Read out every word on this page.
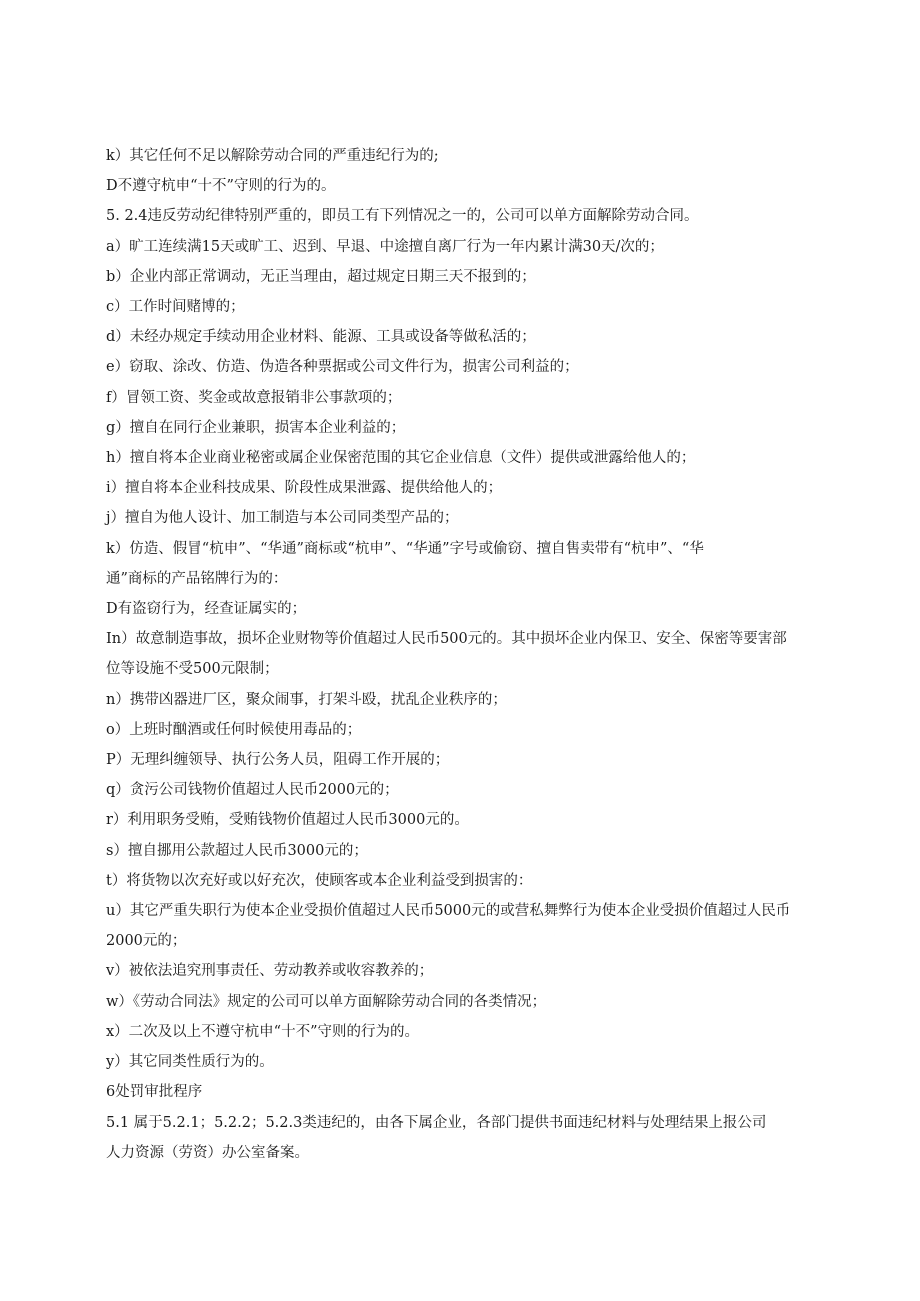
k）其它任何不足以解除劳动合同的严重违纪行为的;

D不遵守杭申“十不”守则的行为的。

5. 2.4违反劳动纪律特别严重的，即员工有下列情况之一的，公司可以单方面解除劳动合同。

a）旷工连续满15天或旷工、迟到、早退、中途擅自离厂行为一年内累计满30天/次的；

b）企业内部正常调动，无正当理由，超过规定日期三天不报到的；

c）工作时间赌博的；

d）未经办规定手续动用企业材料、能源、工具或设备等做私活的；

e）窃取、涂改、仿造、伪造各种票据或公司文件行为，损害公司利益的；

f）冒领工资、奖金或故意报销非公事款项的；

g）擅自在同行企业兼职，损害本企业利益的；

h）擅自将本企业商业秘密或属企业保密范围的其它企业信息（文件）提供或泄露给他人的；

i）擅自将本企业科技成果、阶段性成果泄露、提供给他人的；

j）擅自为他人设计、加工制造与本公司同类型产品的；

k）仿造、假冒“杭申”、“华通”商标或“杭申”、“华通”字号或偷窃、擅自售卖带有“杭申”、“华

通”商标的产品铭牌行为的：

D有盗窃行为，经查证属实的；

In）故意制造事故，损坏企业财物等价值超过人民币500元的。其中损坏企业内保卫、安全、保密等要害部

位等设施不受500元限制；

n）携带凶器进厂区，聚众闹事，打架斗殴，扰乱企业秩序的；

o）上班时酗酒或任何时候使用毒品的；

P）无理纠缠领导、执行公务人员，阻碍工作开展的；

q）贪污公司钱物价值超过人民币2000元的；

r）利用职务受贿，受贿钱物价值超过人民币3000元的。

s）擅自挪用公款超过人民币3000元的；

t）将货物以次充好或以好充次，使顾客或本企业利益受到损害的：

u）其它严重失职行为使本企业受损价值超过人民币5000元的或营私舞弊行为使本企业受损价值超过人民币

2000元的；

v）被依法追究刑事责任、劳动教养或收容教养的；

w）《劳动合同法》规定的公司可以单方面解除劳动合同的各类情况；

x）二次及以上不遵守杭申“十不”守则的行为的。

y）其它同类性质行为的。

6处罚审批程序

5.1 属于5.2.1；5.2.2；5.2.3类违纪的，由各下属企业，各部门提供书面违纪材料与处理结果上报公司

人力资源（劳资）办公室备案。
